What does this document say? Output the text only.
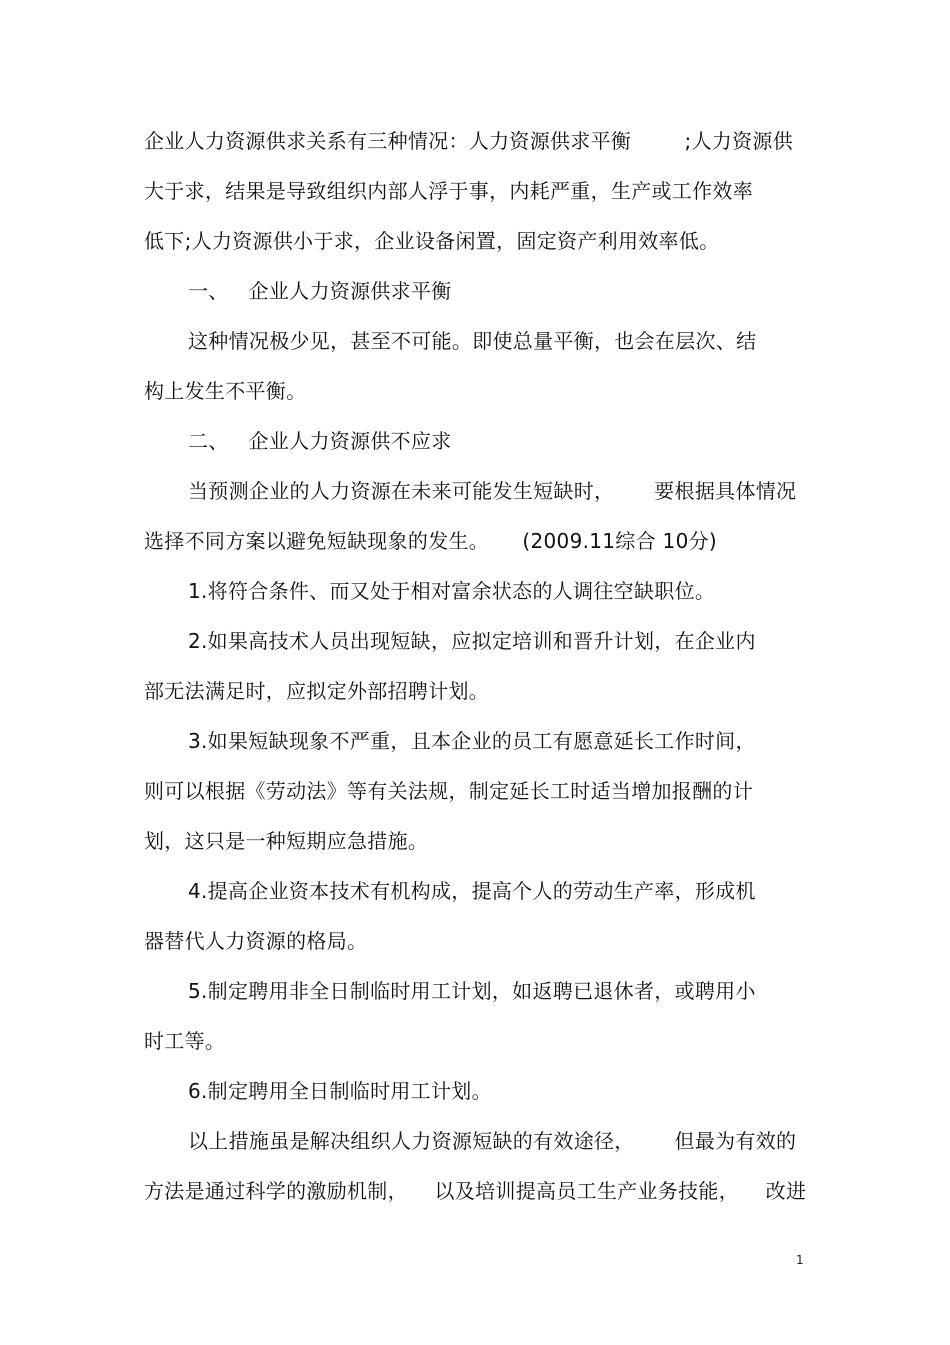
企业人力资源供求关系有三种情况：人力资源供求平衡        ;人力资源供
大于求，结果是导致组织内部人浮于事，内耗严重，生产或工作效率
低下;人力资源供小于求，企业设备闲置，固定资产利用效率低。
一、   企业人力资源供求平衡
这种情况极少见，甚至不可能。即使总量平衡，也会在层次、结
构上发生不平衡。
二、   企业人力资源供不应求
当预测企业的人力资源在未来可能发生短缺时，      要根据具体情况
选择不同方案以避免短缺现象的发生。     (2009.11综合 10分)
1.将符合条件、而又处于相对富余状态的人调往空缺职位。
2.如果高技术人员出现短缺，应拟定培训和晋升计划，在企业内
部无法满足时，应拟定外部招聘计划。
3.如果短缺现象不严重，且本企业的员工有愿意延长工作时间，
则可以根据《劳动法》等有关法规，制定延长工时适当增加报酬的计
划，这只是一种短期应急措施。
4.提高企业资本技术有机构成，提高个人的劳动生产率，形成机
器替代人力资源的格局。
5.制定聘用非全日制临时用工计划，如返聘已退休者，或聘用小
时工等。
6.制定聘用全日制临时用工计划。
以上措施虽是解决组织人力资源短缺的有效途径，      但最为有效的
方法是通过科学的激励机制，    以及培训提高员工生产业务技能，    改进
1
